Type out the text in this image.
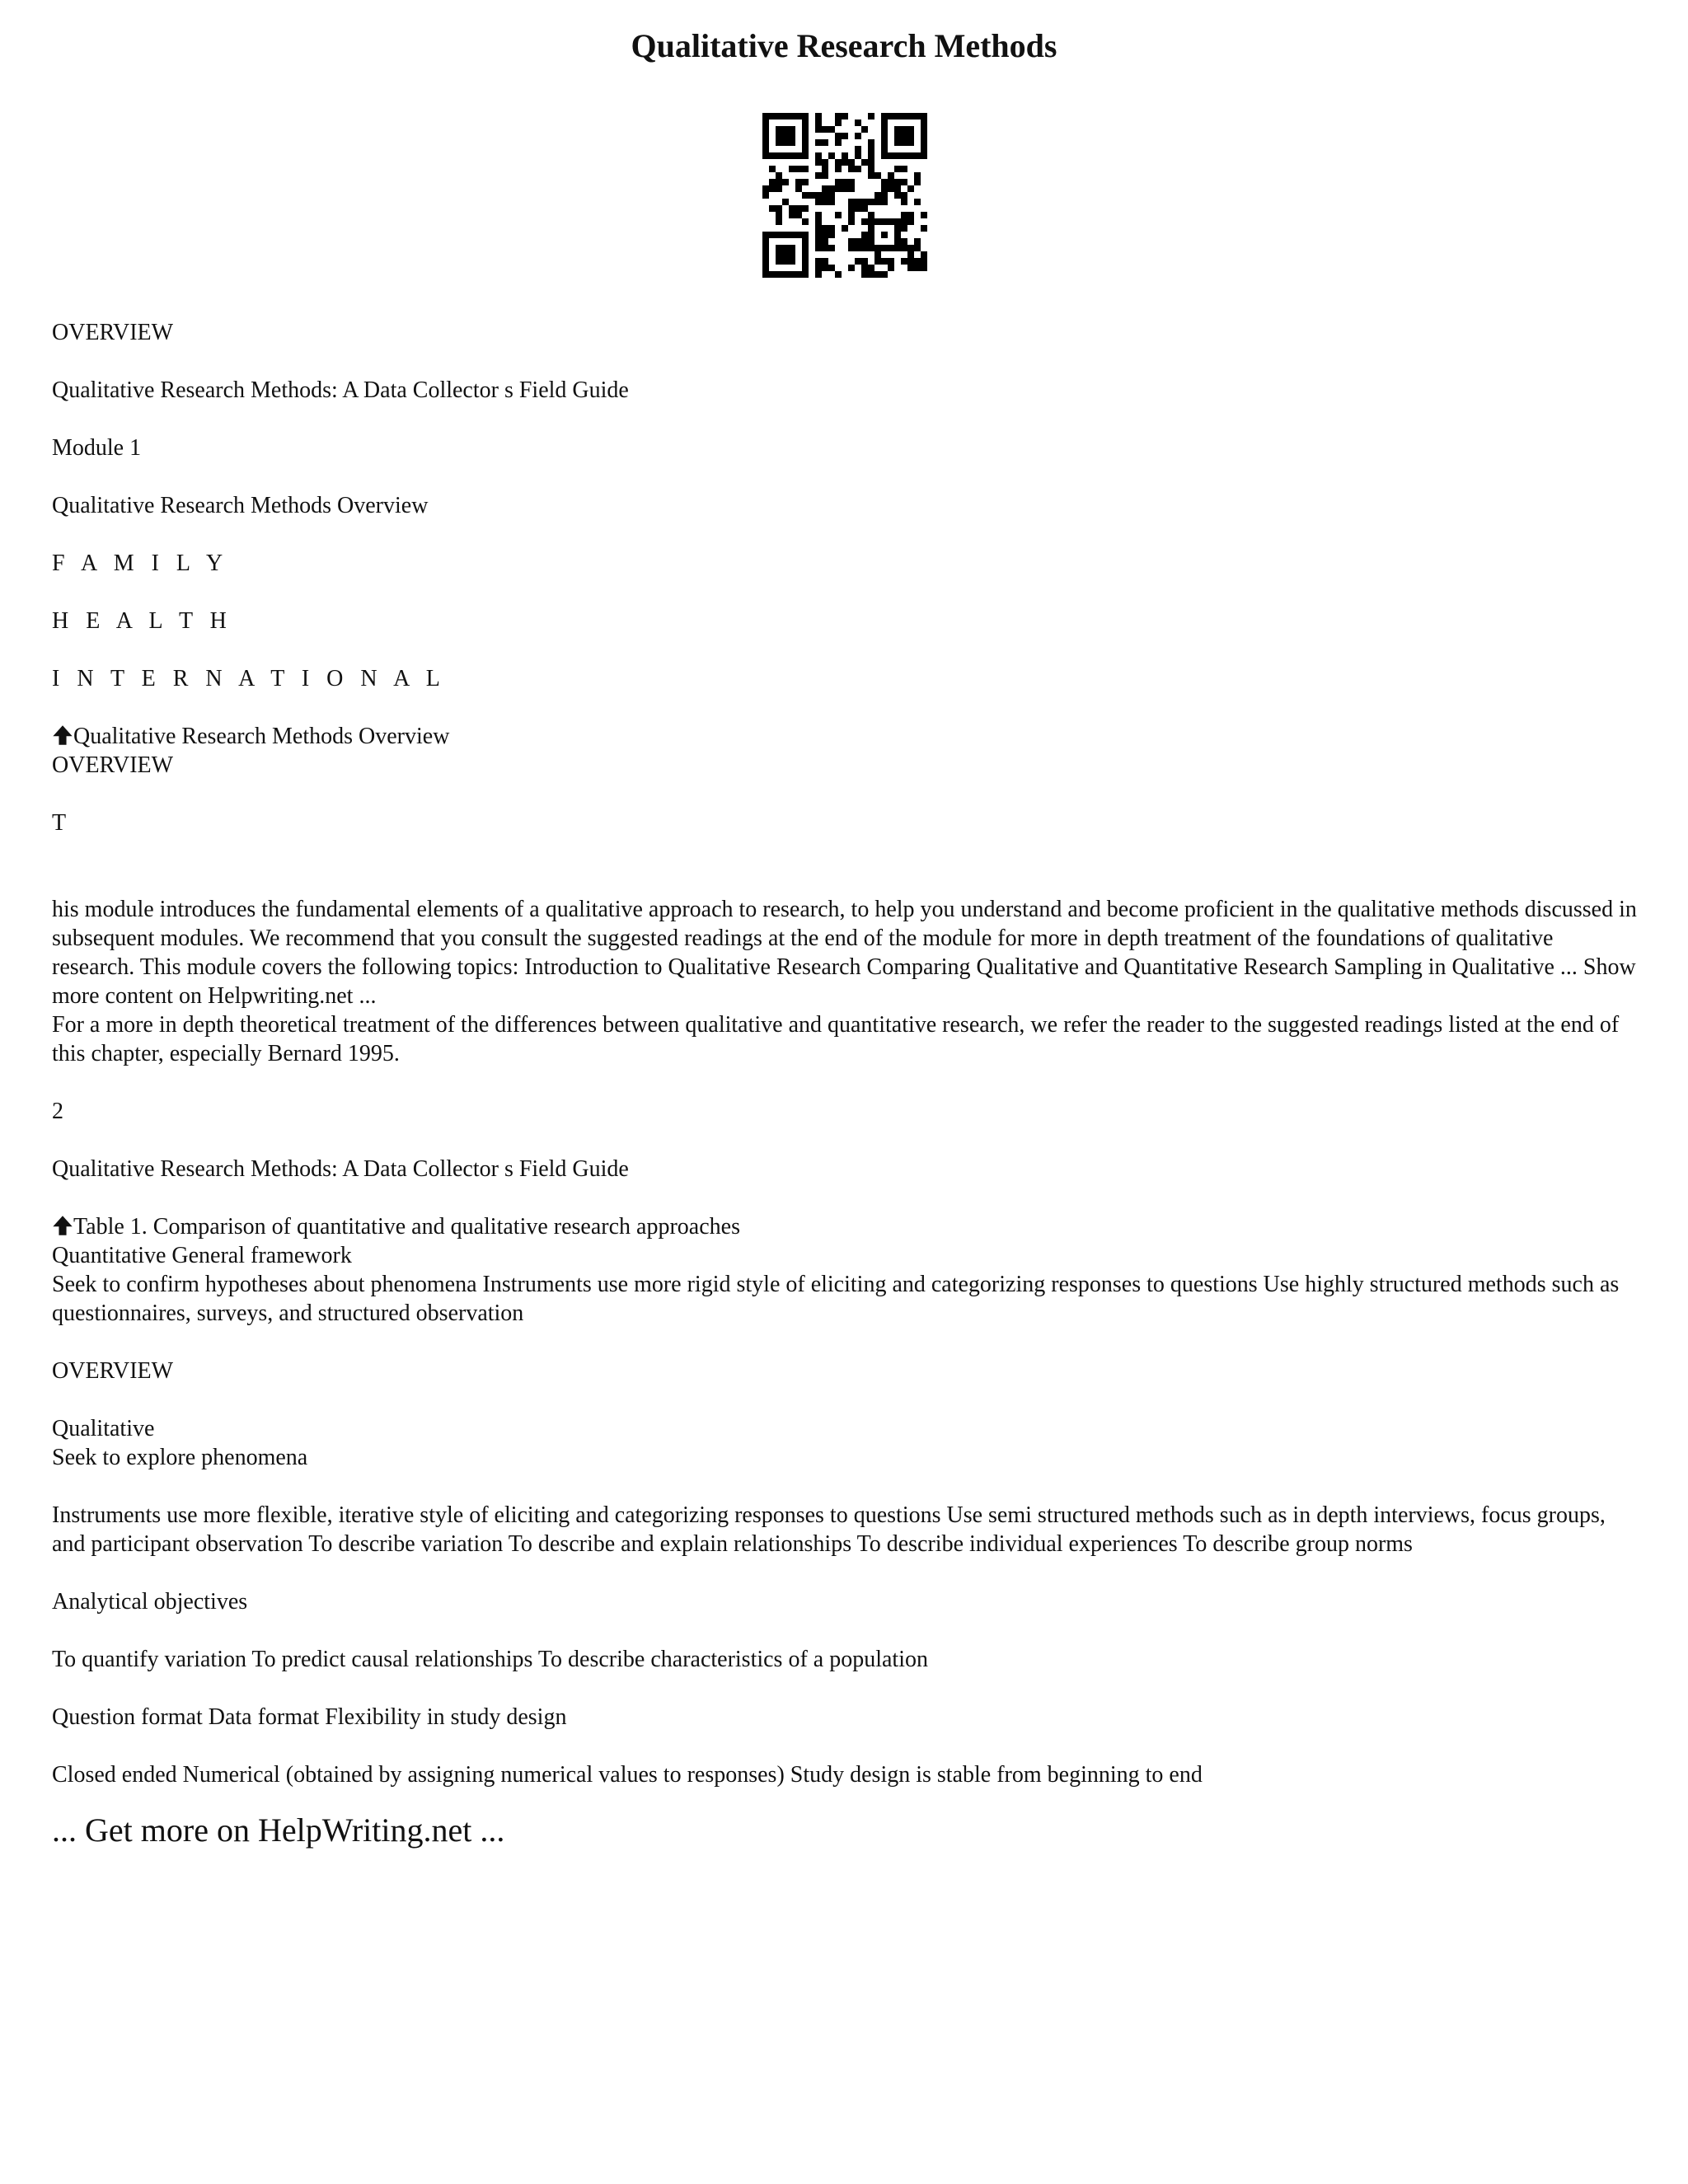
Qualitative Research Methods

OVERVIEW

Qualitative Research Methods: A Data Collector s Field Guide

Module 1

Qualitative Research Methods Overview

F A M I L Y

H E A L T H

I N T E R N A T I O N A L

Qualitative Research Methods Overview

OVERVIEW

T

his module introduces the fundamental elements of a qualitative approach to research, to help you understand and become proficient in the qualitative methods discussed in subsequent modules. We recommend that you consult the suggested readings at the end of the module for more in depth treatment of the foundations of qualitative research. This module covers the following topics: Introduction to Qualitative Research Comparing Qualitative and Quantitative Research Sampling in Qualitative ... Show more content on Helpwriting.net ...

For a more in depth theoretical treatment of the differences between qualitative and quantitative research, we refer the reader to the suggested readings listed at the end of this chapter, especially Bernard 1995.

2

Qualitative Research Methods: A Data Collector s Field Guide

Table 1. Comparison of quantitative and qualitative research approaches

Quantitative General framework

Seek to confirm hypotheses about phenomena Instruments use more rigid style of eliciting and categorizing responses to questions Use highly structured methods such as questionnaires, surveys, and structured observation

OVERVIEW

Qualitative

Seek to explore phenomena

Instruments use more flexible, iterative style of eliciting and categorizing responses to questions Use semi structured methods such as in depth interviews, focus groups, and participant observation To describe variation To describe and explain relationships To describe individual experiences To describe group norms

Analytical objectives

To quantify variation To predict causal relationships To describe characteristics of a population

Question format Data format Flexibility in study design

Closed ended Numerical (obtained by assigning numerical values to responses) Study design is stable from beginning to end

... Get more on HelpWriting.net ...
